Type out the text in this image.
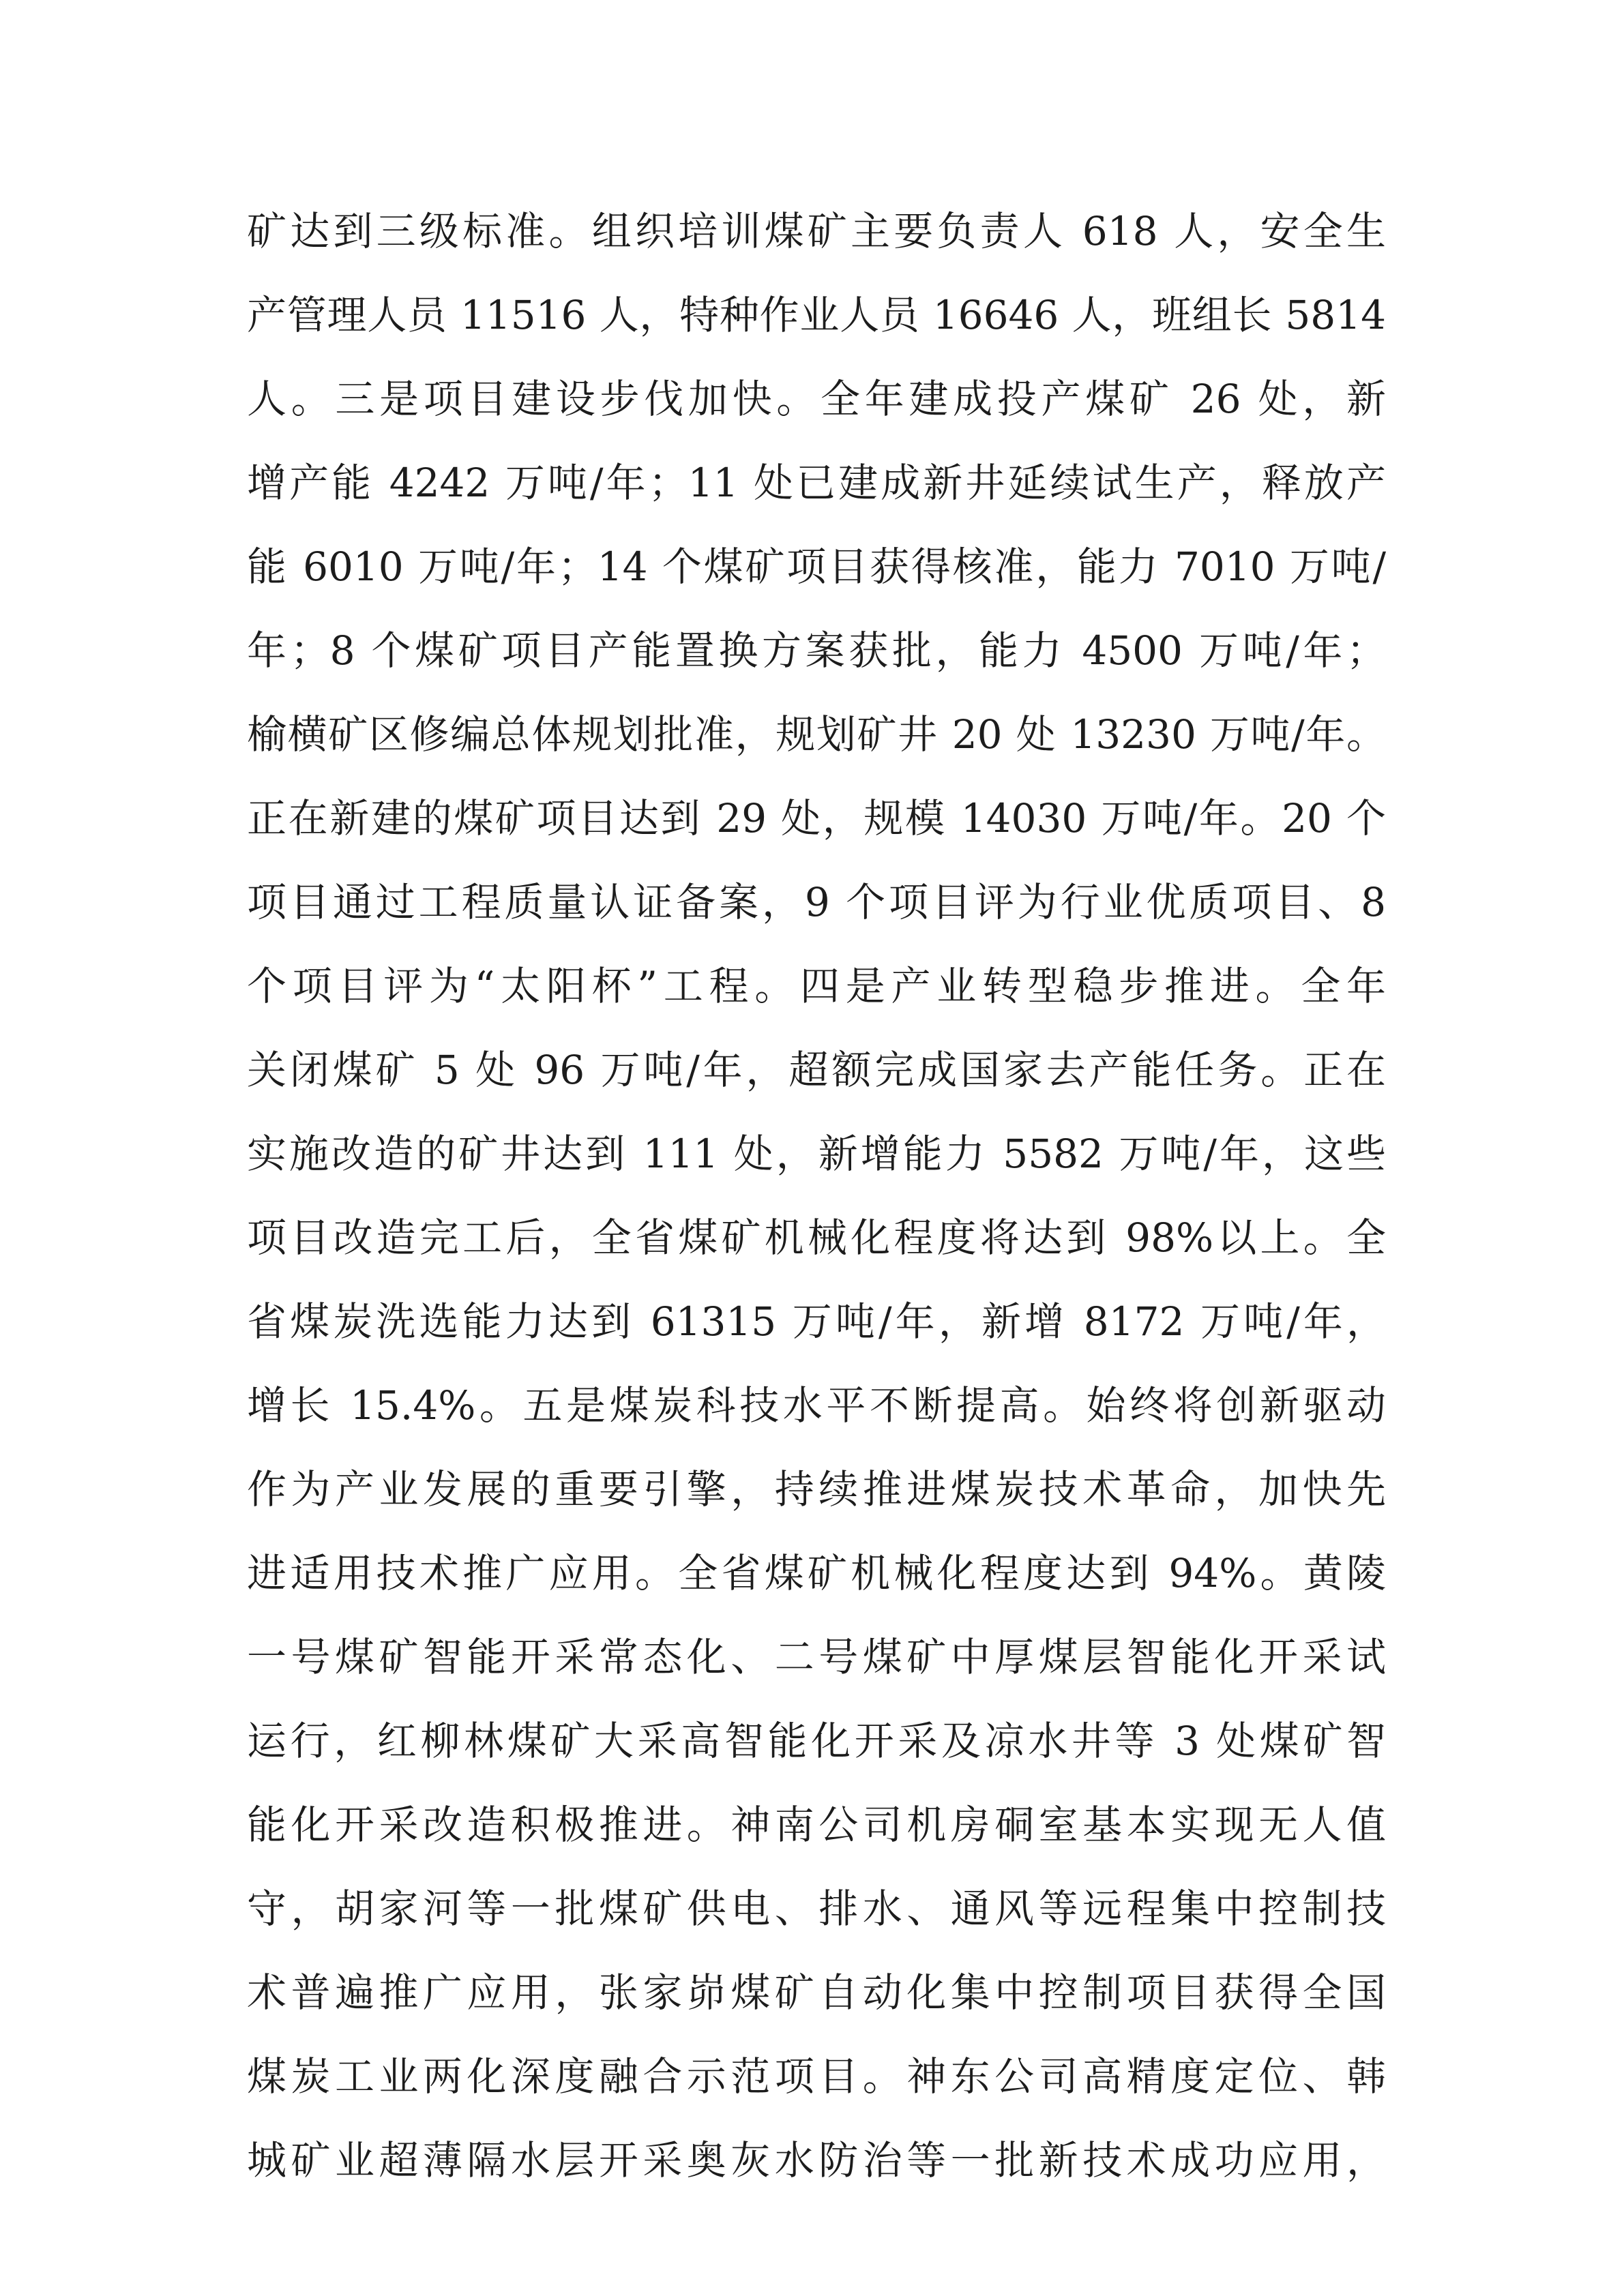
矿达到三级标准。组织培训煤矿主要负责人 618 人，安全生
产管理人员 11516 人，特种作业人员 16646 人，班组长 5814
人。三是项目建设步伐加快。全年建成投产煤矿 26 处，新
增产能 4242 万吨/年；11 处已建成新井延续试生产，释放产
能 6010 万吨/年；14 个煤矿项目获得核准，能力 7010 万吨/
年；8 个煤矿项目产能置换方案获批，能力 4500 万吨/年；
榆横矿区修编总体规划批准，规划矿井 20 处 13230 万吨/年。
正在新建的煤矿项目达到 29 处，规模 14030 万吨/年。20 个
项目通过工程质量认证备案，9 个项目评为行业优质项目、8
个项目评为“太阳杯”工程。四是产业转型稳步推进。全年
关闭煤矿 5 处 96 万吨/年，超额完成国家去产能任务。正在
实施改造的矿井达到 111 处，新增能力 5582 万吨/年，这些
项目改造完工后，全省煤矿机械化程度将达到 98%以上。全
省煤炭洗选能力达到 61315 万吨/年，新增 8172 万吨/年，
增长 15.4%。五是煤炭科技水平不断提高。始终将创新驱动
作为产业发展的重要引擎，持续推进煤炭技术革命，加快先
进适用技术推广应用。全省煤矿机械化程度达到 94%。黄陵
一号煤矿智能开采常态化、二号煤矿中厚煤层智能化开采试
运行，红柳林煤矿大采高智能化开采及凉水井等 3 处煤矿智
能化开采改造积极推进。神南公司机房硐室基本实现无人值
守，胡家河等一批煤矿供电、排水、通风等远程集中控制技
术普遍推广应用，张家峁煤矿自动化集中控制项目获得全国
煤炭工业两化深度融合示范项目。神东公司高精度定位、韩
城矿业超薄隔水层开采奥灰水防治等一批新技术成功应用，
